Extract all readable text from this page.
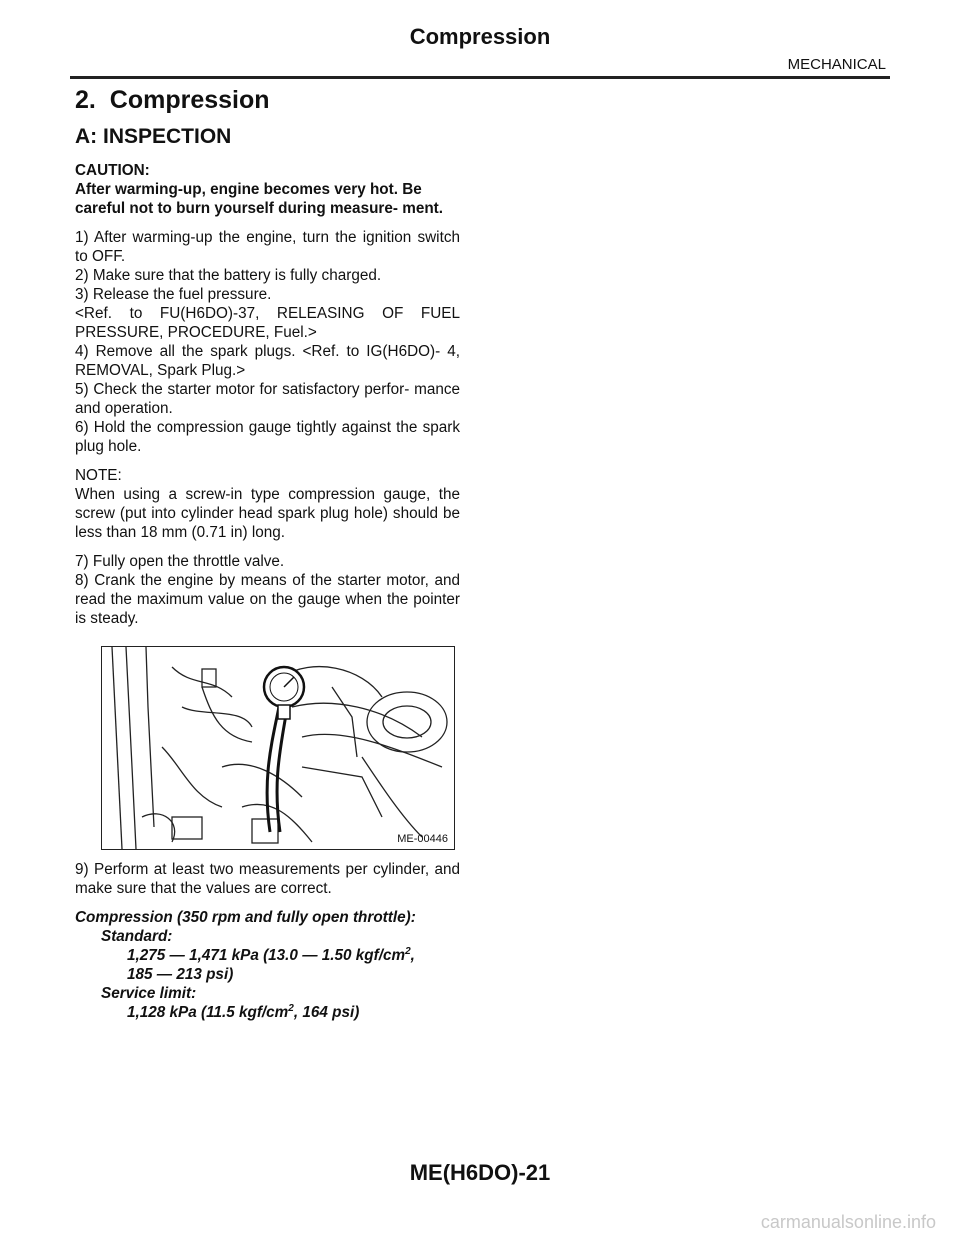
Compression
MECHANICAL
2. Compression
A: INSPECTION
CAUTION:
After warming-up, engine becomes very hot. Be careful not to burn yourself during measure- ment.
1) After warming-up the engine, turn the ignition switch to OFF.
2) Make sure that the battery is fully charged.
3) Release the fuel pressure.
<Ref. to FU(H6DO)-37, RELEASING OF FUEL PRESSURE, PROCEDURE, Fuel.>
4) Remove all the spark plugs. <Ref. to IG(H6DO)- 4, REMOVAL, Spark Plug.>
5) Check the starter motor for satisfactory perfor- mance and operation.
6) Hold the compression gauge tightly against the spark plug hole.
NOTE:
When using a screw-in type compression gauge, the screw (put into cylinder head spark plug hole) should be less than 18 mm (0.71 in) long.
7) Fully open the throttle valve.
8) Crank the engine by means of the starter motor, and read the maximum value on the gauge when the pointer is steady.
ME-00446
9) Perform at least two measurements per cylinder, and make sure that the values are correct.
Compression (350 rpm and fully open throttle):
Standard:
1,275 — 1,471 kPa (13.0 — 1.50 kgf/$cm^2$,
185 — 213 psi)
Service limit:
1,128 kPa (11.5 kgf/$cm^2$, 164 psi)
ME(H6DO)-21
carmanualsonline.info
